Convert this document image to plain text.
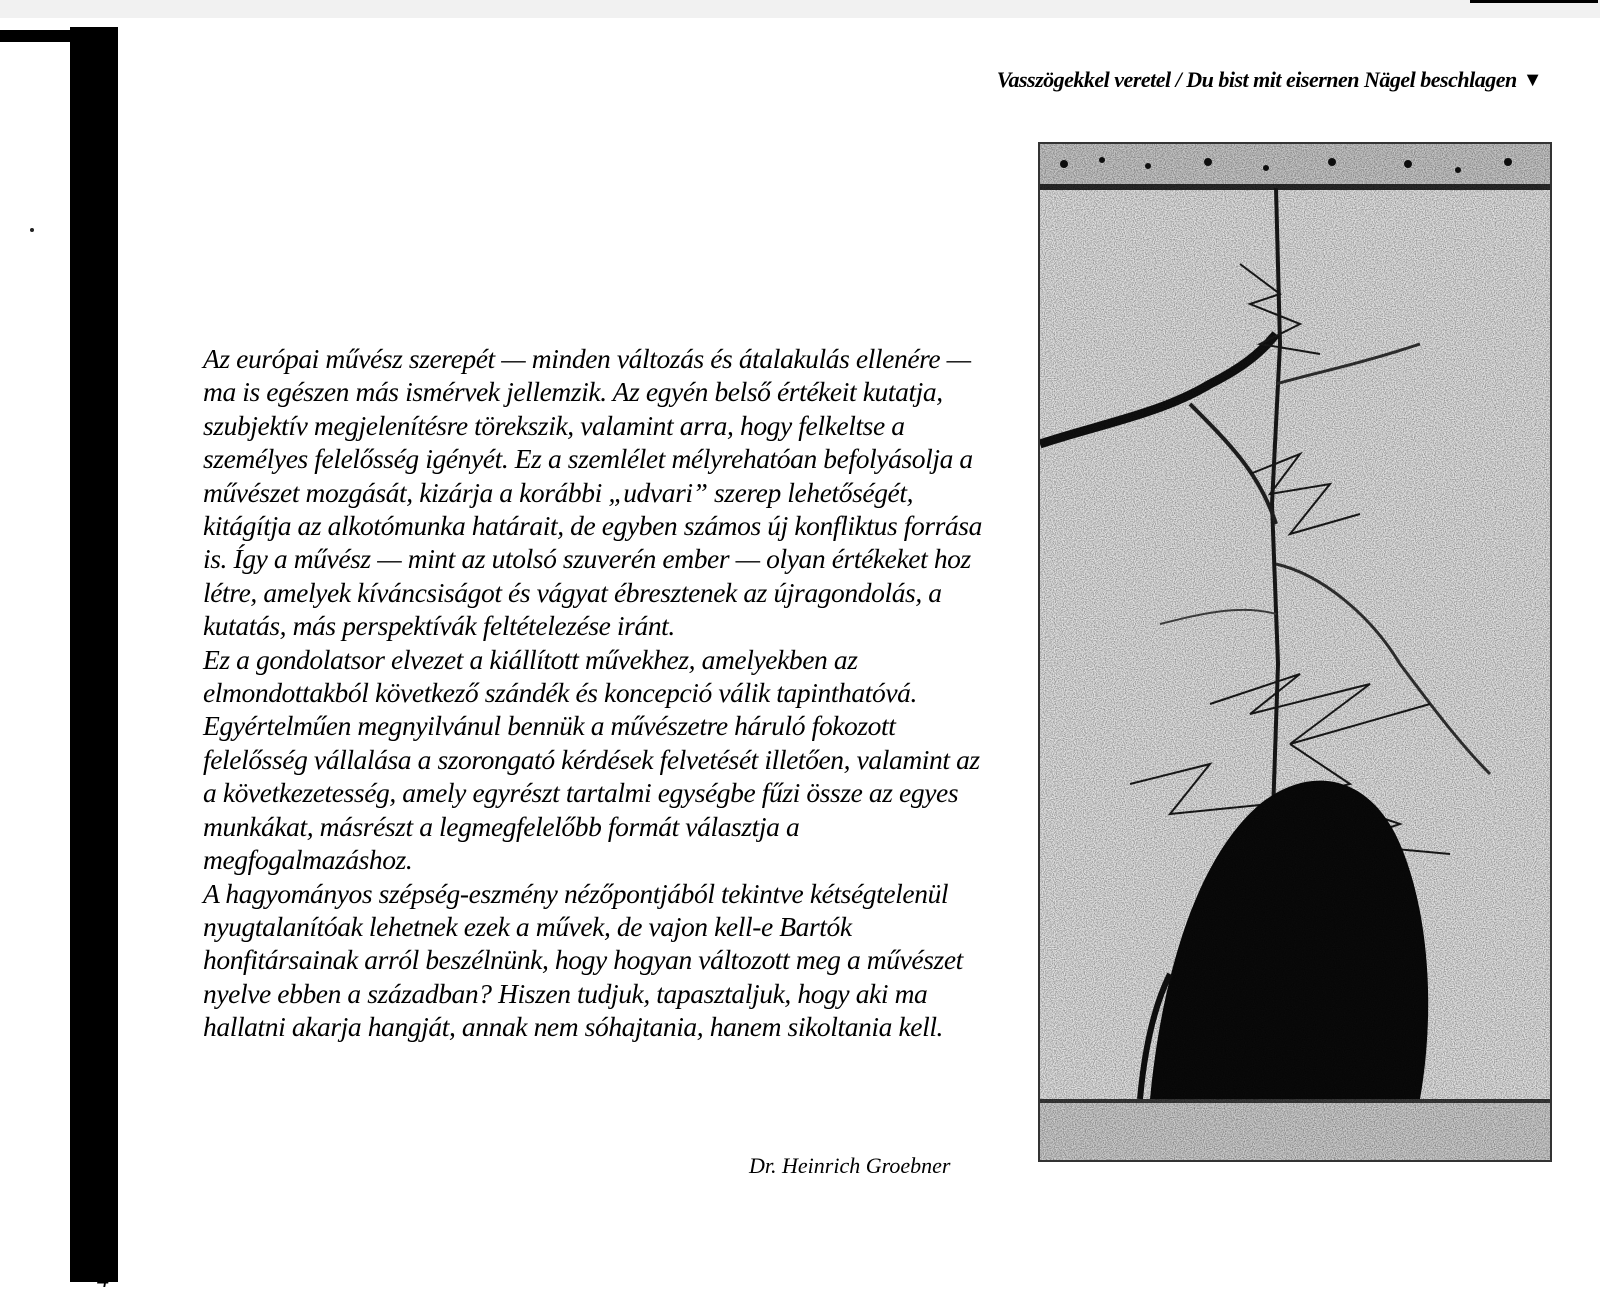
Vasszögekkel veretel / Du bist mit eisernen Nägel beschlagen ▼

Az európai művész szerepét — minden változás és átalakulás ellenére — ma is egészen más ismérvek jellemzik. Az egyén belső értékeit kutatja, szubjektív megjelenítésre törekszik, valamint arra, hogy felkeltse a személyes felelősség igényét. Ez a szemlélet mélyrehatóan befolyásolja a művészet mozgását, kizárja a korábbi „udvari” szerep lehetőségét, kitágítja az alkotómunka határait, de egyben számos új konfliktus forrása is. Így a művész — mint az utolsó szuverén ember — olyan értékeket hoz létre, amelyek kíváncsiságot és vágyat ébresztenek az újragondolás, a kutatás, más perspektívák feltételezése iránt.

Ez a gondolatsor elvezet a kiállított művekhez, amelyekben az elmondottakból következő szándék és koncepció válik tapinthatóvá. Egyértelműen megnyilvánul bennük a művészetre háruló fokozott felelősség vállalása a szorongató kérdések felvetését illetően, valamint az a következetesség, amely egyrészt tartalmi egységbe fűzi össze az egyes munkákat, másrészt a legmegfelelőbb formát választja a megfogalmazáshoz.

A hagyományos szépség-eszmény nézőpontjából tekintve kétségtelenül nyugtalanítóak lehetnek ezek a művek, de vajon kell-e Bartók honfitársainak arról beszélnünk, hogy hogyan változott meg a művészet nyelve ebben a században? Hiszen tudjuk, tapasztaljuk, hogy aki ma hallatni akarja hangját, annak nem sóhajtania, hanem sikoltania kell.

Dr. Heinrich Groebner

4
